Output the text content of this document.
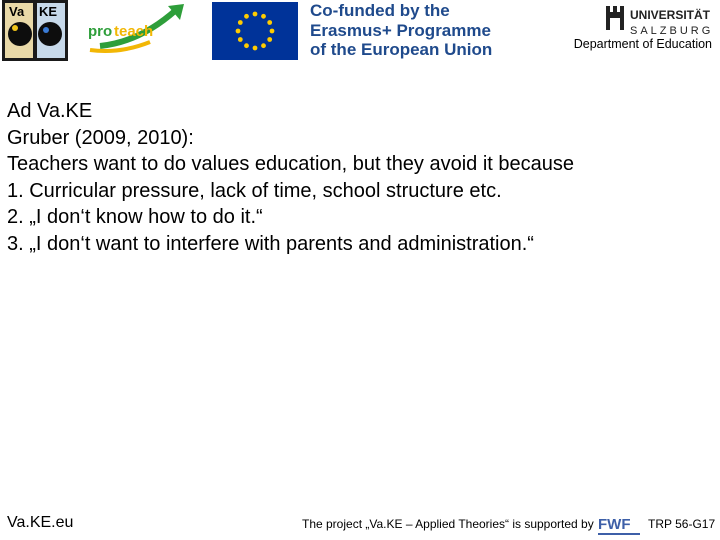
Va KE
pro teach
Co-funded by the
Erasmus+ Programme
of the European Union
UNIVERSITÄT
SALZBURG
Department of Education
Ad Va.KE
Gruber (2009, 2010):
Teachers want to do values education, but they avoid it because
1. Curricular pressure, lack of time, school structure etc.
2. „I don‘t know how to do it.“
3. „I don‘t want to interfere with parents and administration.“
Va.KE.eu	The project „Va.KE – Applied Theories“ is supported by FWF TRP 56-G17
